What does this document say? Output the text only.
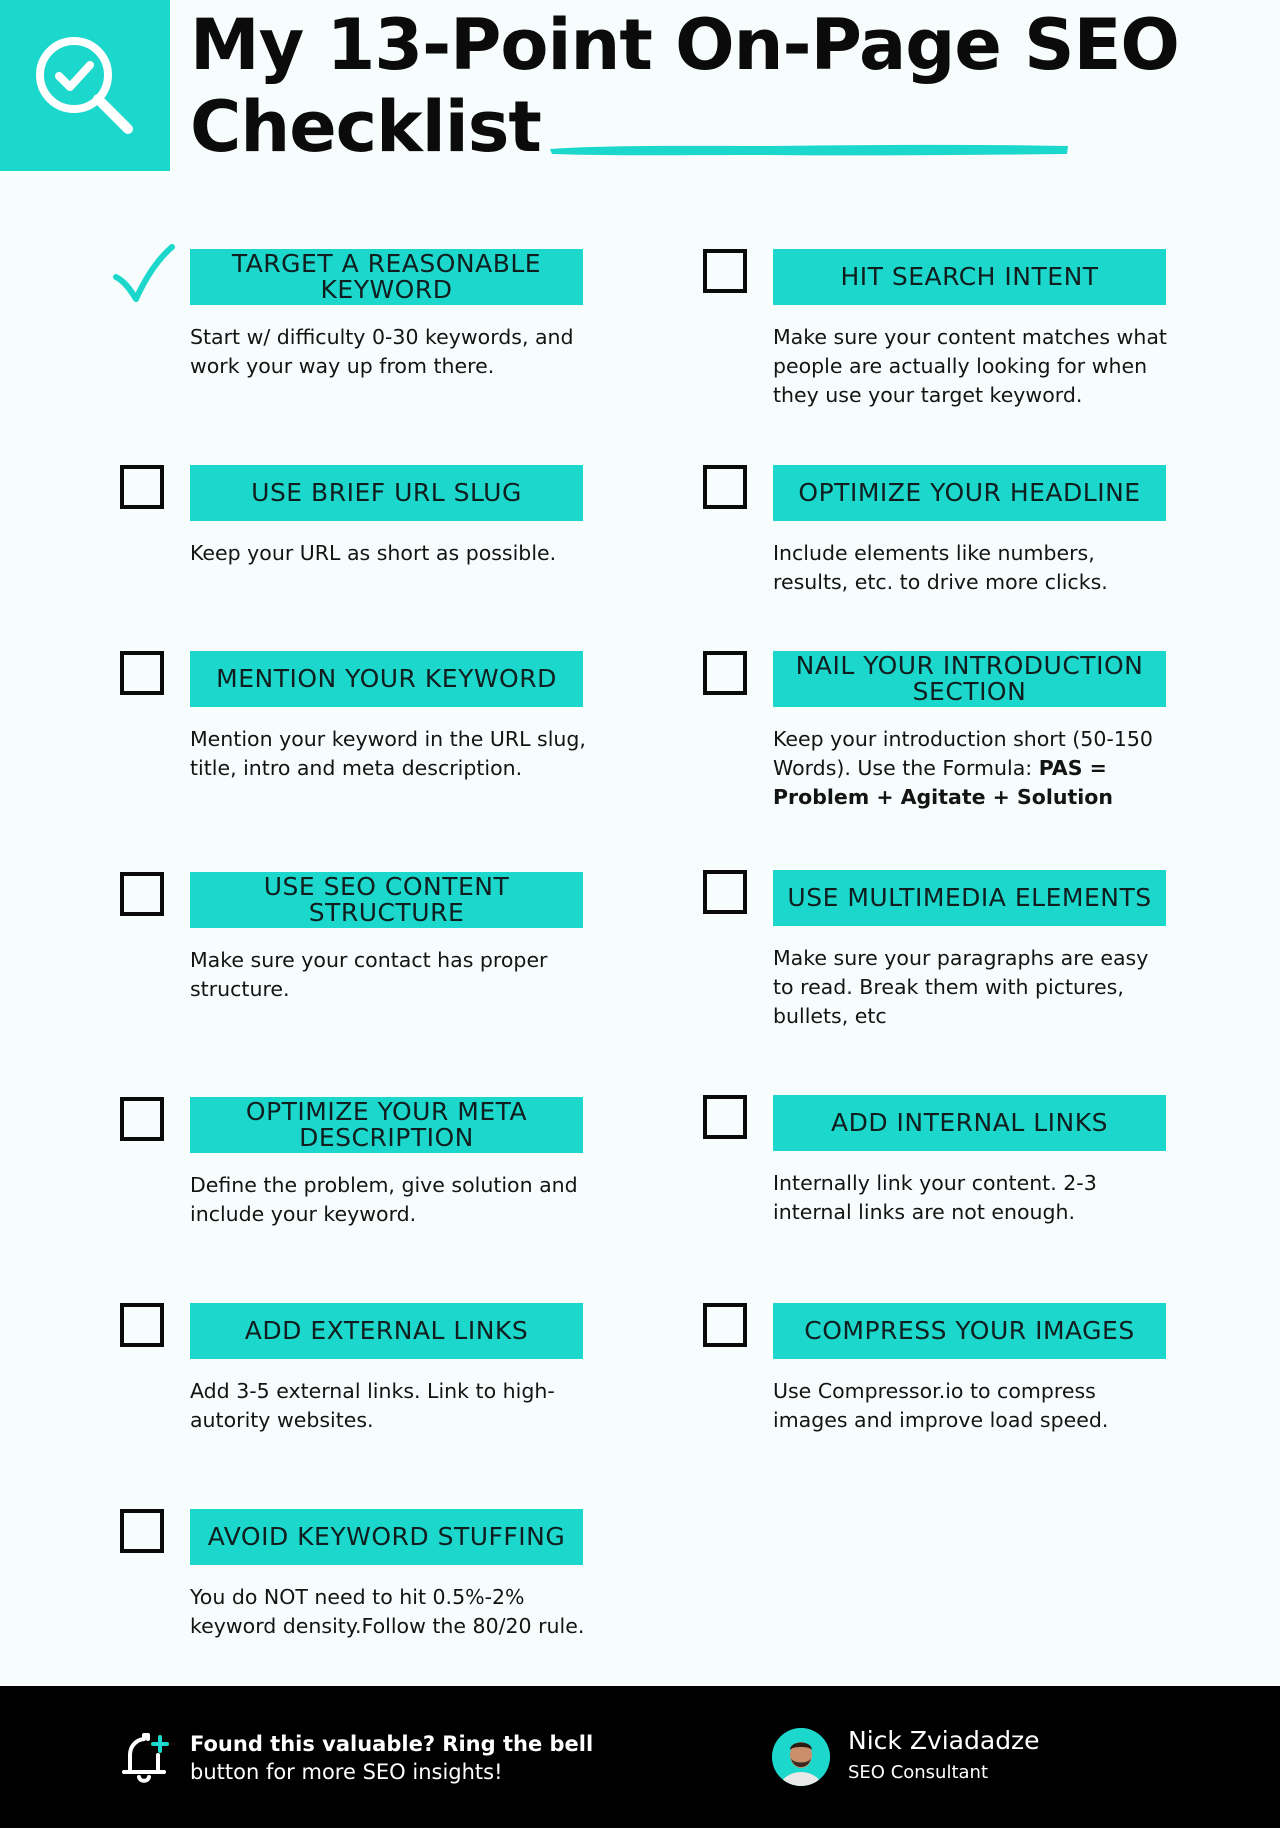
My 13-Point On-Page SEO Checklist
TARGET A REASONABLE KEYWORD
Start w/ difficulty 0-30 keywords, and work your way up from there.
HIT SEARCH INTENT
Make sure your content matches what people are actually looking for when they use your target keyword.
USE BRIEF URL SLUG
Keep your URL as short as possible.
OPTIMIZE YOUR HEADLINE
Include elements like numbers, results, etc. to drive more clicks.
MENTION YOUR KEYWORD
Mention your keyword in the URL slug, title, intro and meta description.
NAIL YOUR INTRODUCTION SECTION
Keep your introduction short (50-150 Words). Use the Formula: PAS = Problem + Agitate + Solution
USE SEO CONTENT STRUCTURE
Make sure your contact has proper structure.
USE MULTIMEDIA ELEMENTS
Make sure your paragraphs are easy to read. Break them with pictures, bullets, etc
OPTIMIZE YOUR META DESCRIPTION
Define the problem, give solution and include your keyword.
ADD INTERNAL LINKS
Internally link your content. 2-3 internal links are not enough.
ADD EXTERNAL LINKS
Add 3-5 external links. Link to high-autority websites.
COMPRESS YOUR IMAGES
Use Compressor.io to compress images and improve load speed.
AVOID KEYWORD STUFFING
You do NOT need to hit 0.5%-2% keyword density.Follow the 80/20 rule.
Found this valuable? Ring the bell
button for more SEO insights!
Nick Zviadadze
SEO Consultant
